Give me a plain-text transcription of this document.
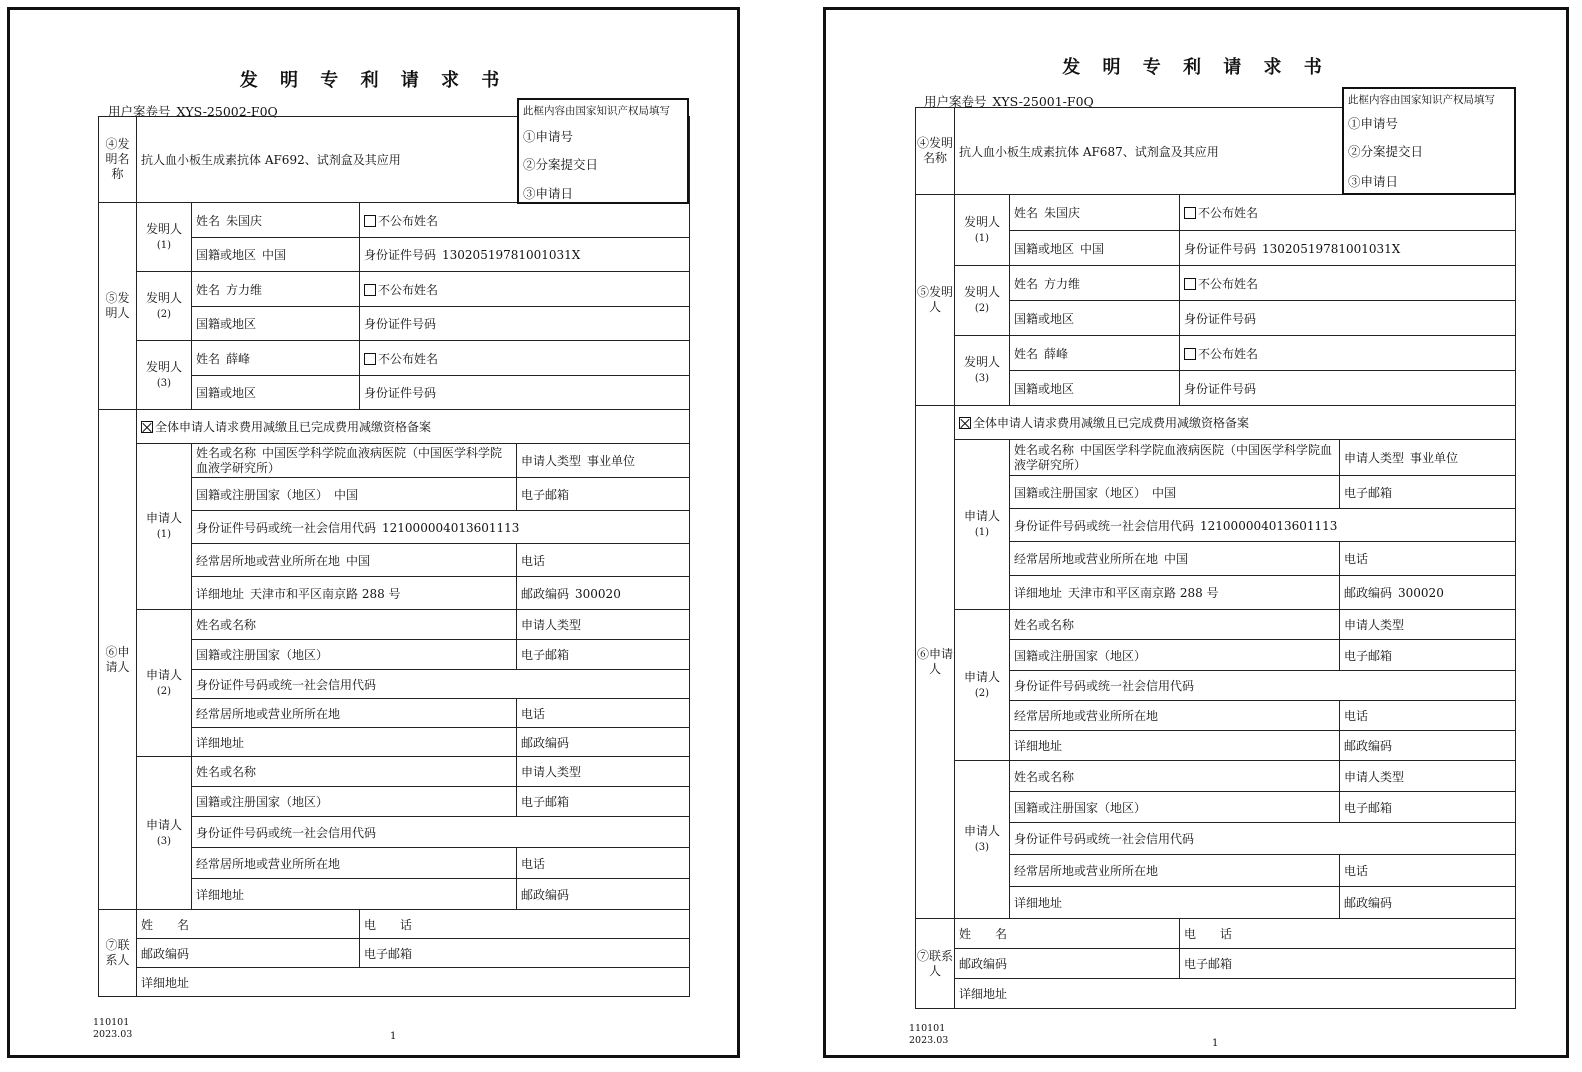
发 明 专 利 请 求 书
用户案卷号 XYS-25002-F0Q	此框内容由国家知识产权局填写
①申请号
②分案提交日
③申请日
④发明名称	抗人血小板生成素抗体 AF692、试剂盒及其应用			
⑤发明人	发明人
(1)	姓名 朱国庆	不公布姓名	
		国籍或地区 中国	身份证件号码 13020519781001031X	
	发明人
(2)	姓名 方力维	不公布姓名	
		国籍或地区	身份证件号码	
	发明人
(3)	姓名 薛峰	不公布姓名	
		国籍或地区	身份证件号码	
⑥申请人	全体申请人请求费用减缴且已完成费用减缴资格备案			
	申请人
(1)	姓名或名称 中国医学科学院血液病医院（中国医学科学院血液学研究所）		申请人类型 事业单位
		国籍或注册国家（地区） 中国		电子邮箱
		身份证件号码或统一社会信用代码 121000004013601113		
		经常居所地或营业所所在地 中国		电话
		详细地址 天津市和平区南京路 288 号		邮政编码 300020
	申请人
(2)	姓名或名称		申请人类型
		国籍或注册国家（地区）		电子邮箱
		身份证件号码或统一社会信用代码		
		经常居所地或营业所所在地		电话
		详细地址		邮政编码
	申请人
(3)	姓名或名称		申请人类型
		国籍或注册国家（地区）		电子邮箱
		身份证件号码或统一社会信用代码		
		经常居所地或营业所所在地		电话
		详细地址		邮政编码
⑦联系人	姓　　名		电　　话	
	邮政编码		电子邮箱	
	详细地址			
110101
2023.03	1
发 明 专 利 请 求 书
用户案卷号 XYS-25001-F0Q	此框内容由国家知识产权局填写
①申请号
②分案提交日
③申请日
④发明名称	抗人血小板生成素抗体 AF687、试剂盒及其应用			
⑤发明人	发明人
(1)	姓名 朱国庆	不公布姓名	
		国籍或地区 中国	身份证件号码 13020519781001031X	
	发明人
(2)	姓名 方力维	不公布姓名	
		国籍或地区	身份证件号码	
	发明人
(3)	姓名 薛峰	不公布姓名	
		国籍或地区	身份证件号码	
⑥申请人	全体申请人请求费用减缴且已完成费用减缴资格备案			
	申请人
(1)	姓名或名称 中国医学科学院血液病医院（中国医学科学院血液学研究所）		申请人类型 事业单位
		国籍或注册国家（地区） 中国		电子邮箱
		身份证件号码或统一社会信用代码 121000004013601113		
		经常居所地或营业所所在地 中国		电话
		详细地址 天津市和平区南京路 288 号		邮政编码 300020
	申请人
(2)	姓名或名称		申请人类型
		国籍或注册国家（地区）		电子邮箱
		身份证件号码或统一社会信用代码		
		经常居所地或营业所所在地		电话
		详细地址		邮政编码
	申请人
(3)	姓名或名称		申请人类型
		国籍或注册国家（地区）		电子邮箱
		身份证件号码或统一社会信用代码		
		经常居所地或营业所所在地		电话
		详细地址		邮政编码
⑦联系人	姓　　名		电　　话	
	邮政编码		电子邮箱	
	详细地址			
110101
2023.03	1
